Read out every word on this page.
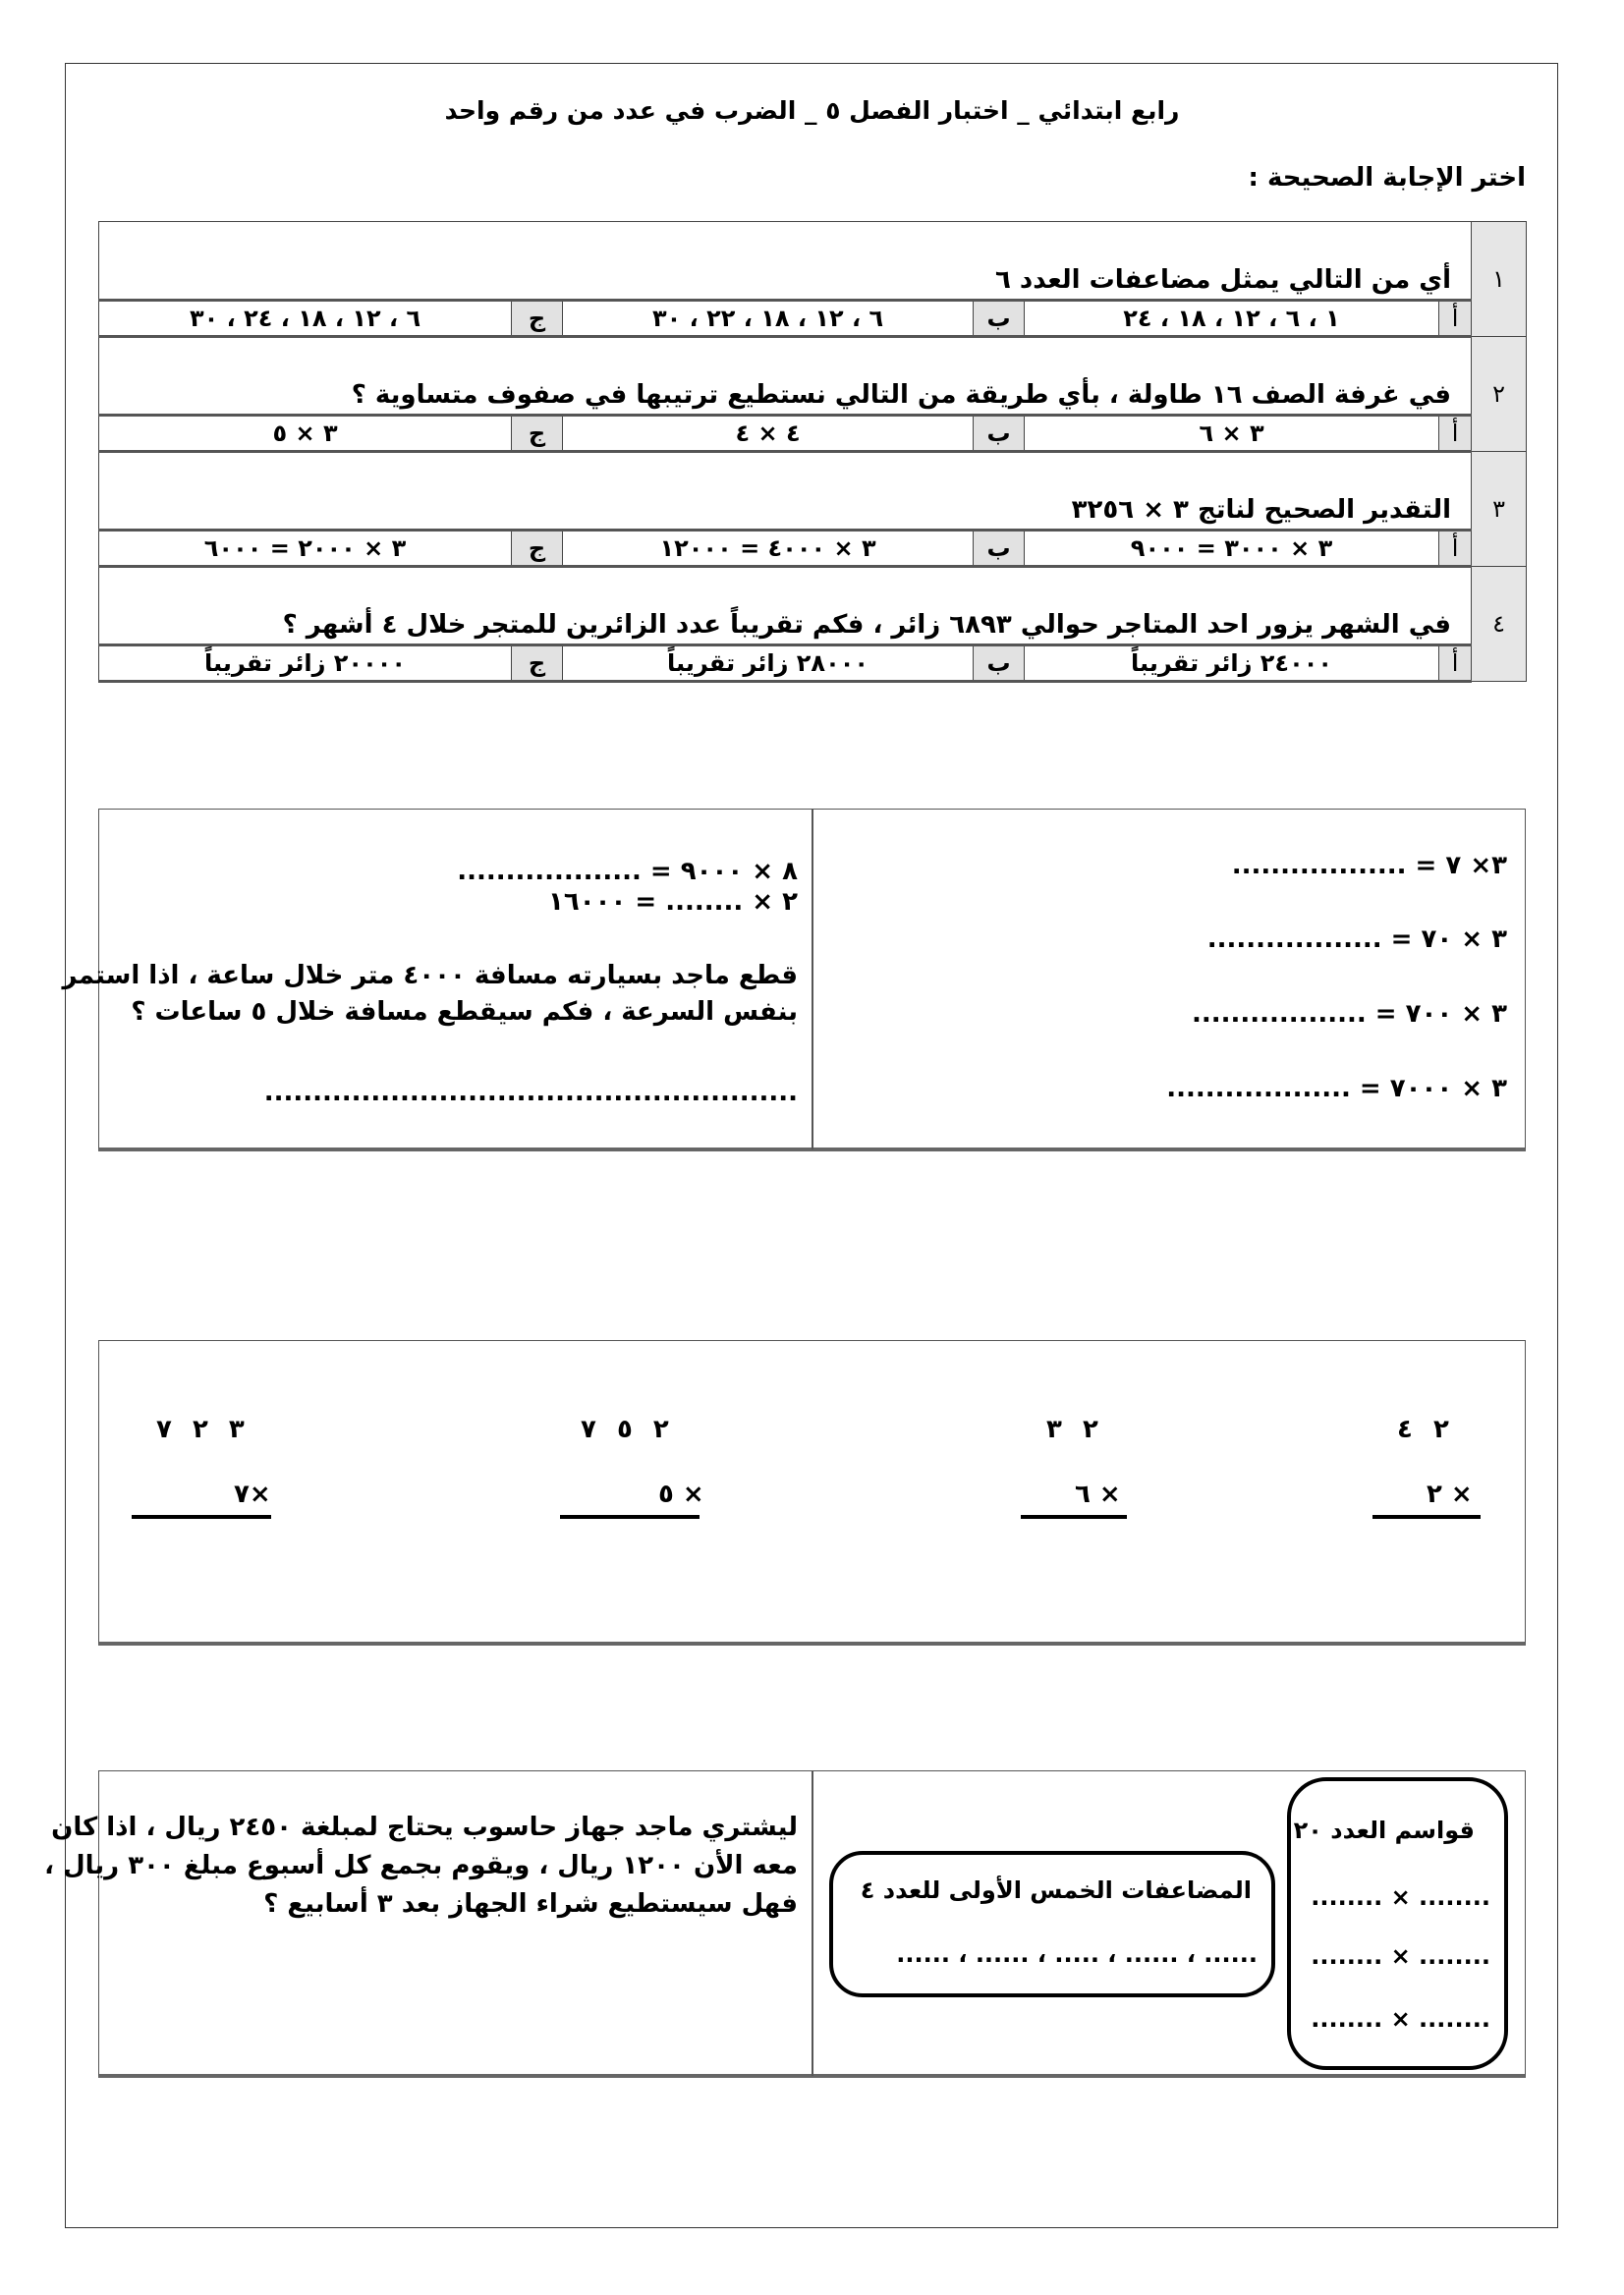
رابع ابتدائي _ اختبار الفصل ٥ _ الضرب في عدد من رقم واحد
اختر الإجابة الصحيحة :
١	أي من التالي يمثل مضاعفات العدد ٦					
	أ	١ ، ٦ ، ١٢ ، ١٨ ، ٢٤	ب	٦ ، ١٢ ، ١٨ ، ٢٢ ، ٣٠	ج	٦ ، ١٢ ، ١٨ ، ٢٤ ، ٣٠
٢	في غرفة الصف ١٦ طاولة ، بأي طريقة من التالي نستطيع ترتيبها في صفوف متساوية ؟					
	أ	٣ × ٦	ب	٤ × ٤	ج	٣ × ٥
٣	التقدير الصحيح لناتج ٣ × ٣٢٥٦					
	أ	٣ × ٣٠٠٠ = ٩٠٠٠	ب	٣ × ٤٠٠٠ = ١٢٠٠٠	ج	٣ × ٢٠٠٠ = ٦٠٠٠
٤	في الشهر يزور احد المتاجر حوالي ٦٨٩٣ زائر ، فكم تقريباً عدد الزائرين للمتجر خلال ٤ أشهر ؟					
	أ	٢٤٠٠٠ زائر تقريباً	ب	٢٨٠٠٠ زائر تقريباً	ج	٢٠٠٠٠ زائر تقريباً
٣× ٧ = ..................
٣ × ٧٠ = ..................
٣ × ٧٠٠ = ..................
٣ × ٧٠٠٠ = ...................
٨ × ٩٠٠٠ = ...................
٢ × ........ = ١٦٠٠٠
قطع ماجد بسيارته مسافة ٤٠٠٠ متر خلال ساعة ، اذا استمر
بنفس السرعة ، فكم سيقطع مسافة خلال ٥ ساعات ؟
.......................................................
٢ ٤
× ٢
٢ ٣
× ٦
٢ ٥ ٧
× ٥
٣ ٢ ٧
×٧
ليشتري ماجد جهاز حاسوب يحتاج لمبلغة ٢٤٥٠ ريال ، اذا كان
معه الأن ١٢٠٠ ريال ، ويقوم بجمع كل أسبوع مبلغ ٣٠٠ ريال ،
فهل سيستطيع شراء الجهاز بعد ٣ أسابيع ؟	المضاعفات الخمس الأولى للعدد ٤
...... ، ...... ، ..... ، ...... ، ......
قواسم العدد ٢٠
........ × ........
........ × ........
........ × ........
